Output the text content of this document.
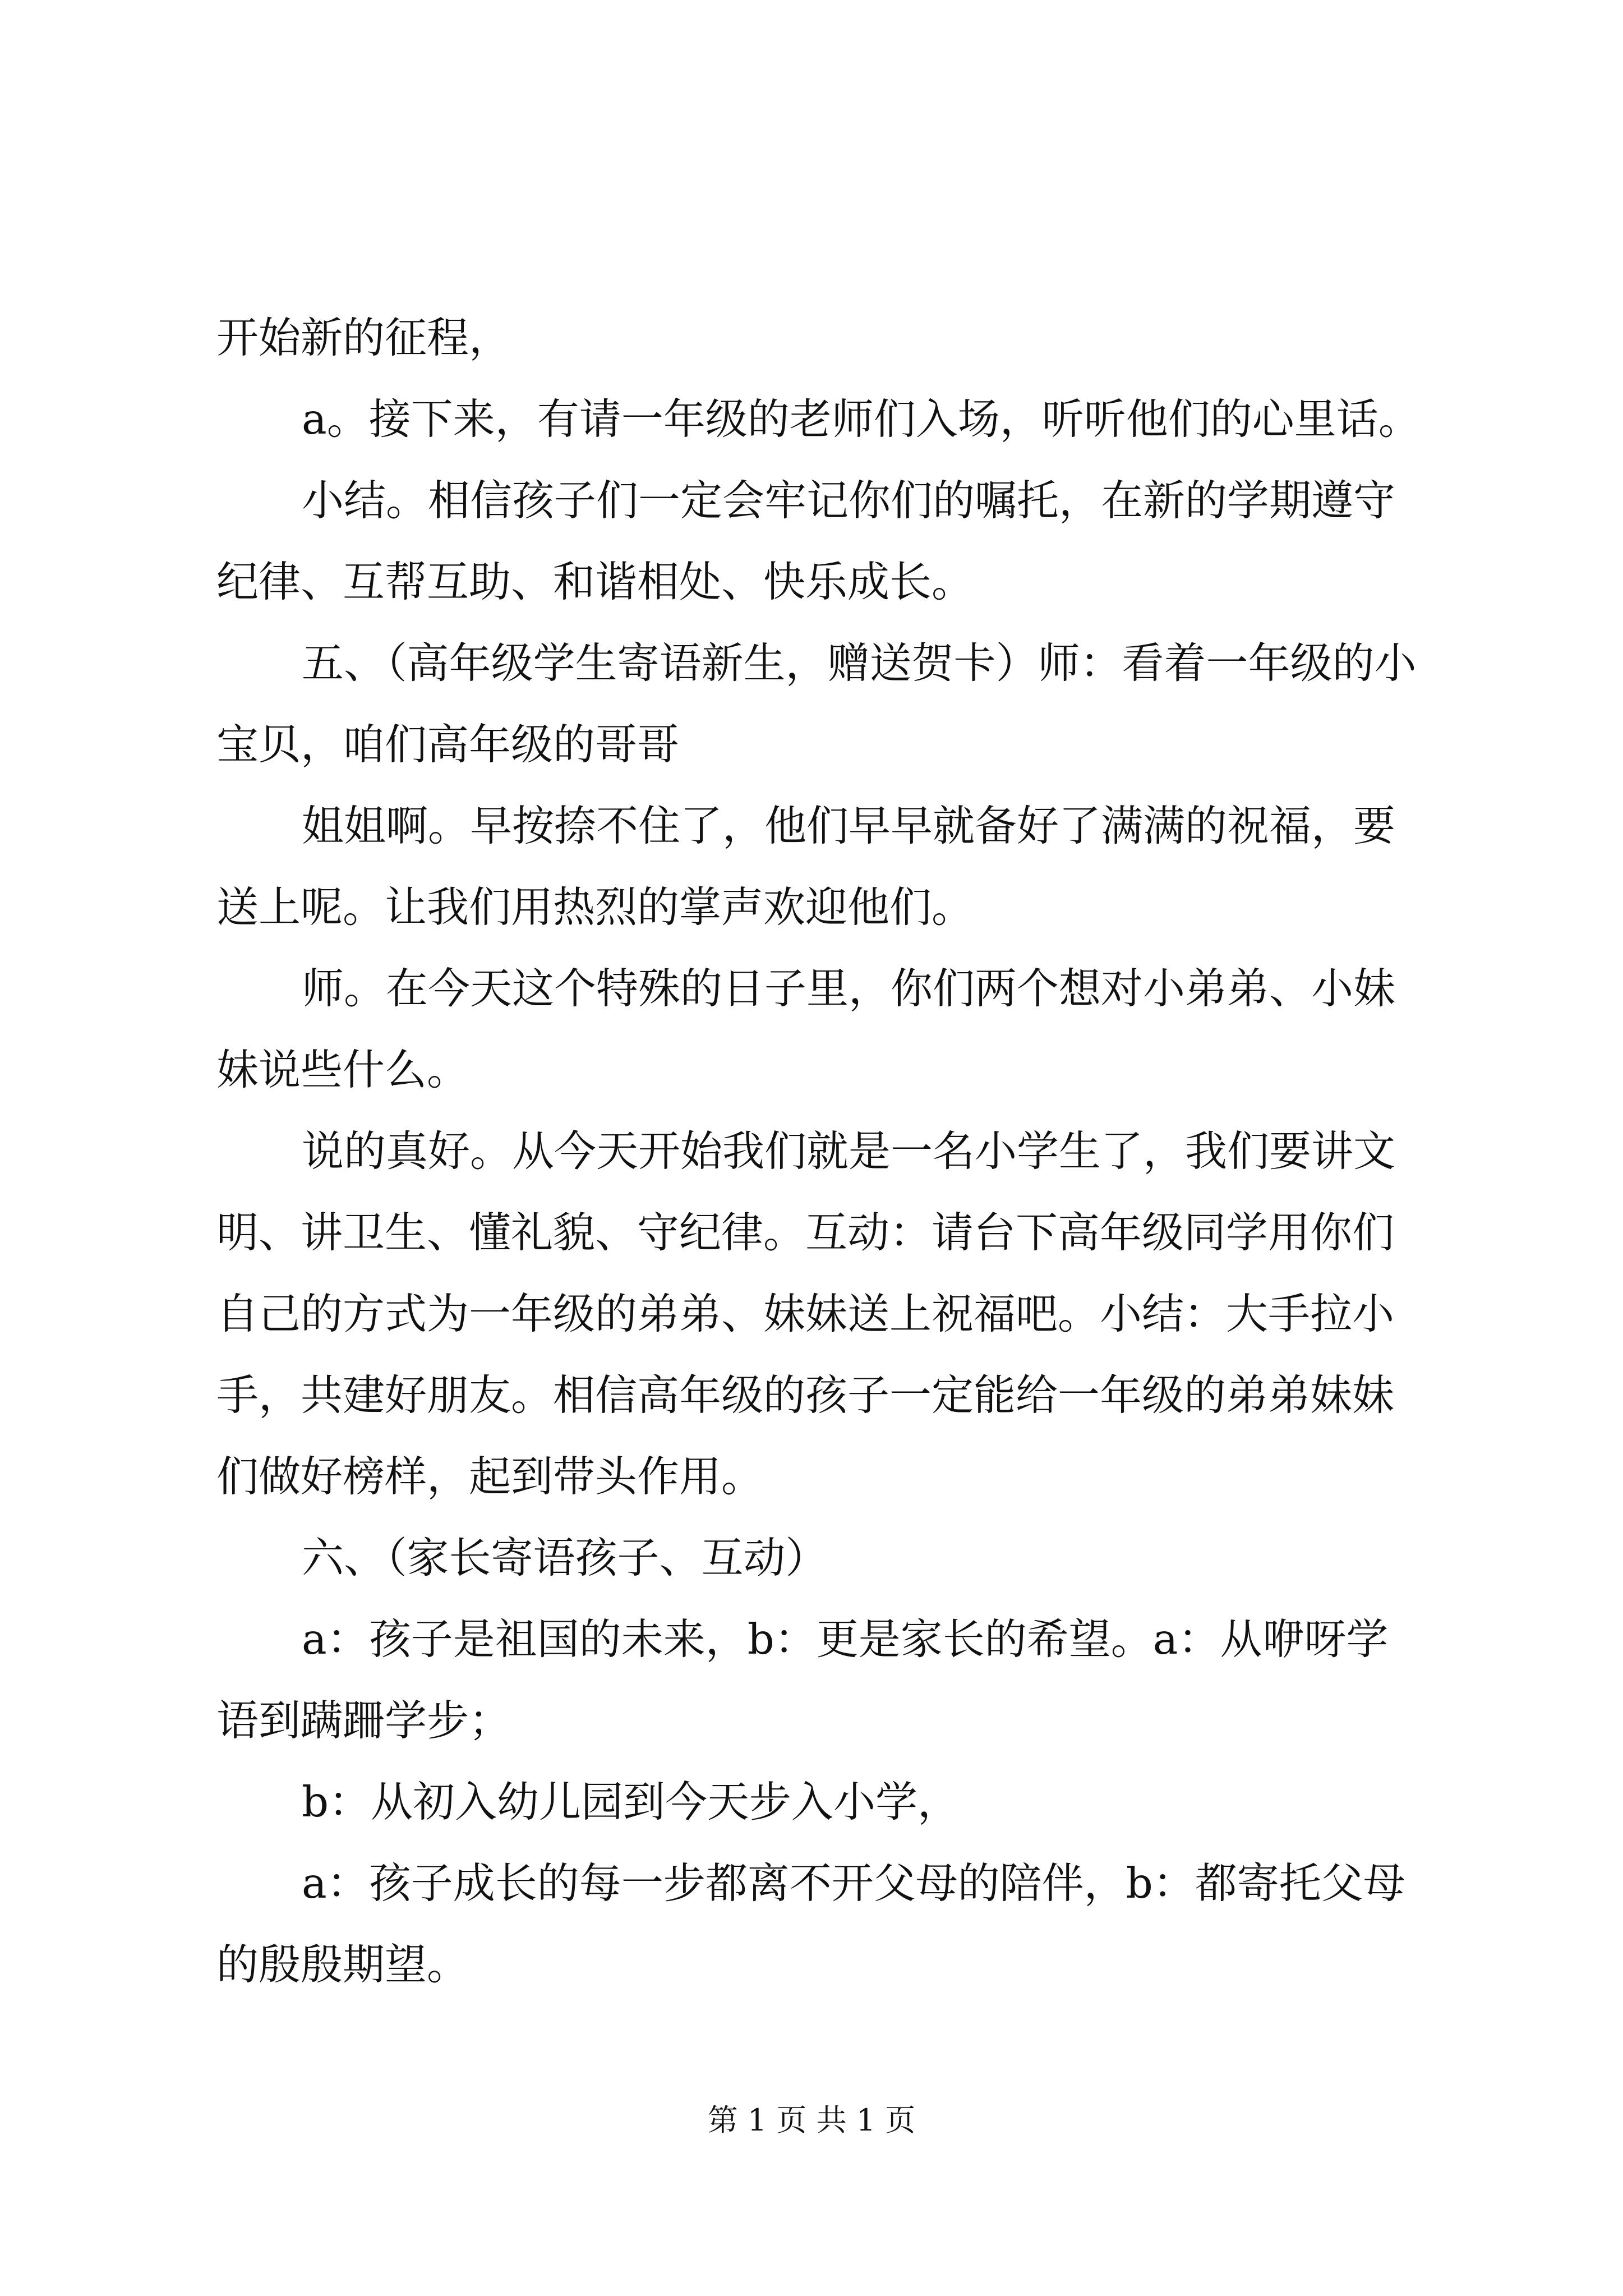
开始新的征程，

a。接下来，有请一年级的老师们入场，听听他们的心里话。

小结。相信孩子们一定会牢记你们的嘱托，在新的学期遵守纪律、互帮互助、和谐相处、快乐成长。

五、（高年级学生寄语新生，赠送贺卡）师：看着一年级的小宝贝，咱们高年级的哥哥

姐姐啊。早按捺不住了，他们早早就备好了满满的祝福，要送上呢。让我们用热烈的掌声欢迎他们。

师。在今天这个特殊的日子里，你们两个想对小弟弟、小妹妹说些什么。

说的真好。从今天开始我们就是一名小学生了，我们要讲文明、讲卫生、懂礼貌、守纪律。互动：请台下高年级同学用你们自己的方式为一年级的弟弟、妹妹送上祝福吧。小结：大手拉小手，共建好朋友。相信高年级的孩子一定能给一年级的弟弟妹妹们做好榜样，起到带头作用。

六、（家长寄语孩子、互动）

a：孩子是祖国的未来，b：更是家长的希望。a：从咿呀学语到蹒跚学步；

b：从初入幼儿园到今天步入小学，

a：孩子成长的每一步都离不开父母的陪伴，b：都寄托父母的殷殷期望。

第 1 页 共 1 页
